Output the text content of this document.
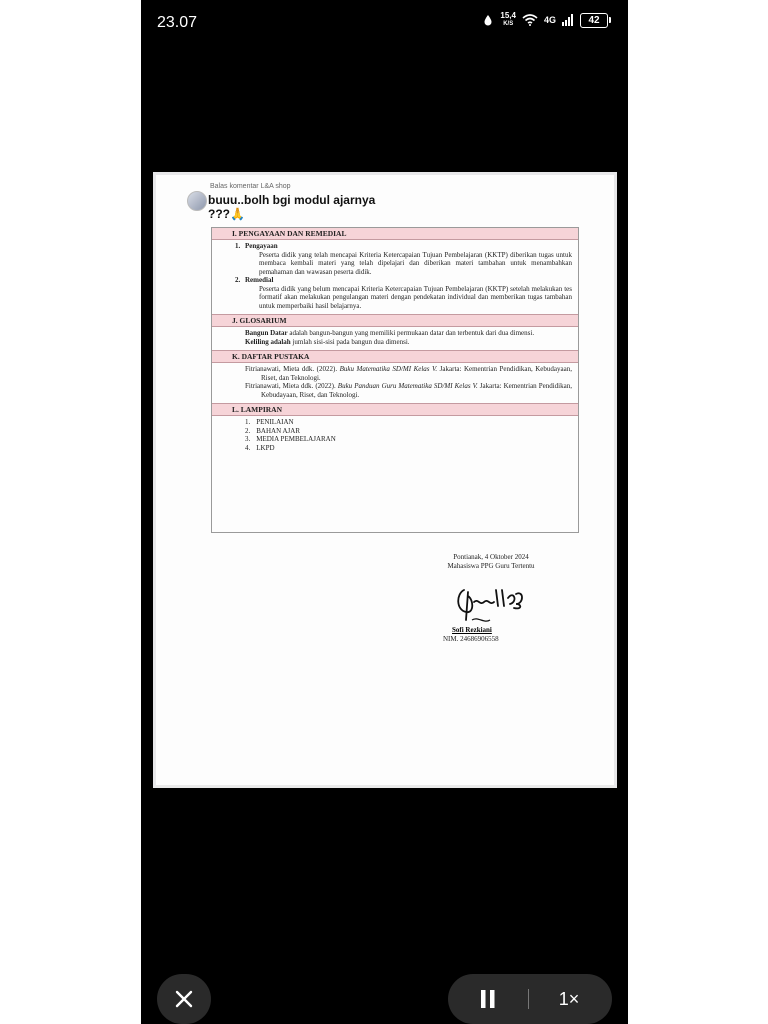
23.07	15,4
K/S	4G	42
Balas komentar L&A shop
buuu..bolh bgi modul ajarnya ???🙏
I. PENGAYAAN DAN REMEDIAL
1. Pengayaan
Peserta didik yang telah mencapai Kriteria Ketercapaian Tujuan Pembelajaran (KKTP) diberikan tugas untuk membaca kembali materi yang telah dipelajari dan diberikan materi tambahan untuk menambahkan pemahaman dan wawasan peserta didik.
2. Remedial
Peserta didik yang belum mencapai Kriteria Ketercapaian Tujuan Pembelajaran (KKTP) setelah melakukan tes formatif akan melakukan pengulangan materi dengan pendekatan individual dan memberikan tugas tambahan untuk memperbaiki hasil belajarnya.
J. GLOSARIUM
Bangun Datar adalah bangun-bangun yang memiliki permukaan datar dan terbentuk dari dua dimensi.
Keliling adalah jumlah sisi-sisi pada bangun dua dimensi.
K. DAFTAR PUSTAKA
Fitrianawati, Mieta ddk. (2022). Buku Matematika SD/MI Kelas V. Jakarta: Kementrian Pendidikan, Kebudayaan, Riset, dan Teknologi.
Fitrianawati, Mieta ddk. (2022). Buku Panduan Guru Matematika SD/MI Kelas V. Jakarta: Kementrian Pendidikan, Kebudayaan, Riset, dan Teknologi.
L. LAMPIRAN
1. PENILAIAN
2. BAHAN AJAR
3. MEDIA PEMBELAJARAN
4. LKPD
Pontianak, 4 Oktober 2024
Mahasiswa PPG Guru Tertentu
Sofi Rezkiani
NIM. 24686906558
1×
